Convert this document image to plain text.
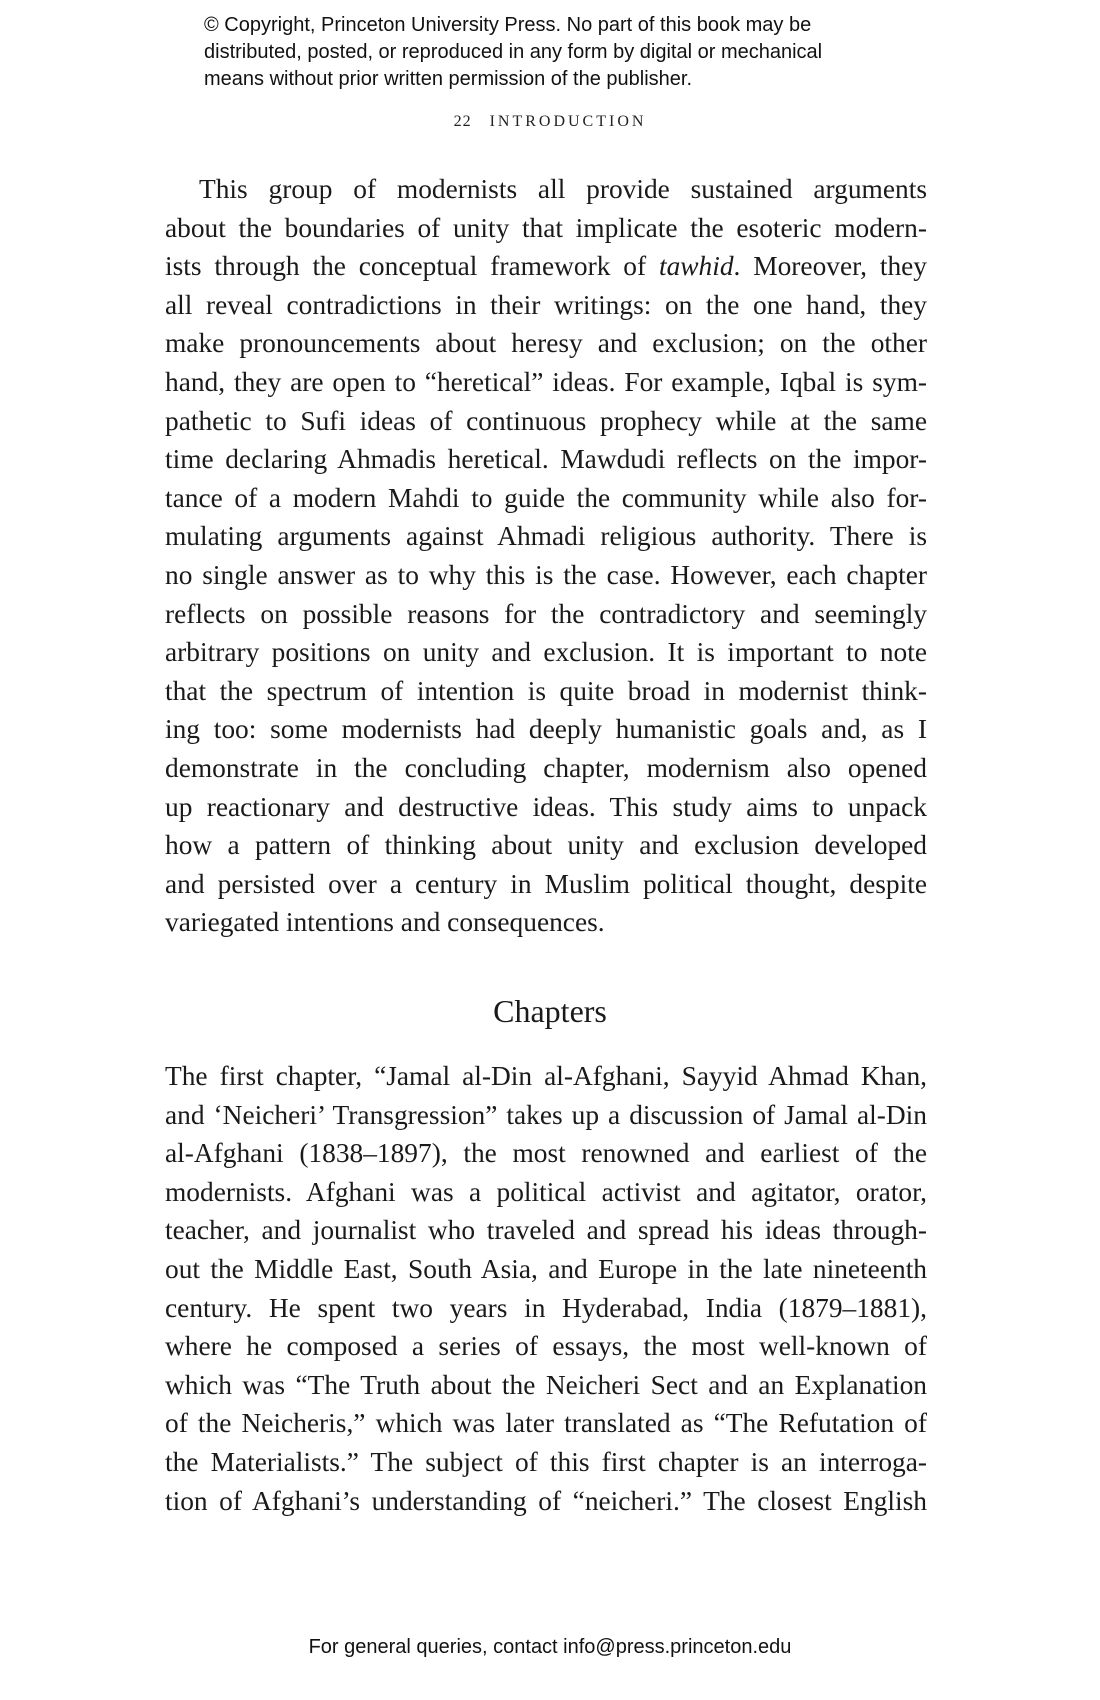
© Copyright, Princeton University Press. No part of this book may be
distributed, posted, or reproduced in any form by digital or mechanical
means without prior written permission of the publisher.
22 INTRODUCTION
This group of modernists all provide sustained arguments
about the boundaries of unity that implicate the esoteric modern-
ists through the conceptual framework of tawhid. Moreover, they
all reveal contradictions in their writings: on the one hand, they
make pronouncements about heresy and exclusion; on the other
hand, they are open to “heretical” ideas. For example, Iqbal is sym-
pathetic to Sufi ideas of continuous prophecy while at the same
time declaring Ahmadis heretical. Mawdudi reflects on the impor-
tance of a modern Mahdi to guide the community while also for-
mulating arguments against Ahmadi religious authority. There is
no single answer as to why this is the case. However, each chapter
reflects on possible reasons for the contradictory and seemingly
arbitrary positions on unity and exclusion. It is important to note
that the spectrum of intention is quite broad in modernist think-
ing too: some modernists had deeply humanistic goals and, as I
demonstrate in the concluding chapter, modernism also opened
up reactionary and destructive ideas. This study aims to unpack
how a pattern of thinking about unity and exclusion developed
and persisted over a century in Muslim political thought, despite
variegated intentions and consequences.
Chapters
The first chapter, “Jamal al-Din al-Afghani, Sayyid Ahmad Khan,
and ‘Neicheri’ Transgression” takes up a discussion of Jamal al-Din
al-Afghani (1838–1897), the most renowned and earliest of the
modernists. Afghani was a political activist and agitator, orator,
teacher, and journalist who traveled and spread his ideas through-
out the Middle East, South Asia, and Europe in the late nineteenth
century. He spent two years in Hyderabad, India (1879–1881),
where he composed a series of essays, the most well-known of
which was “The Truth about the Neicheri Sect and an Explanation
of the Neicheris,” which was later translated as “The Refutation of
the Materialists.” The subject of this first chapter is an interroga-
tion of Afghani’s understanding of “neicheri.” The closest English
For general queries, contact info@press.princeton.edu
